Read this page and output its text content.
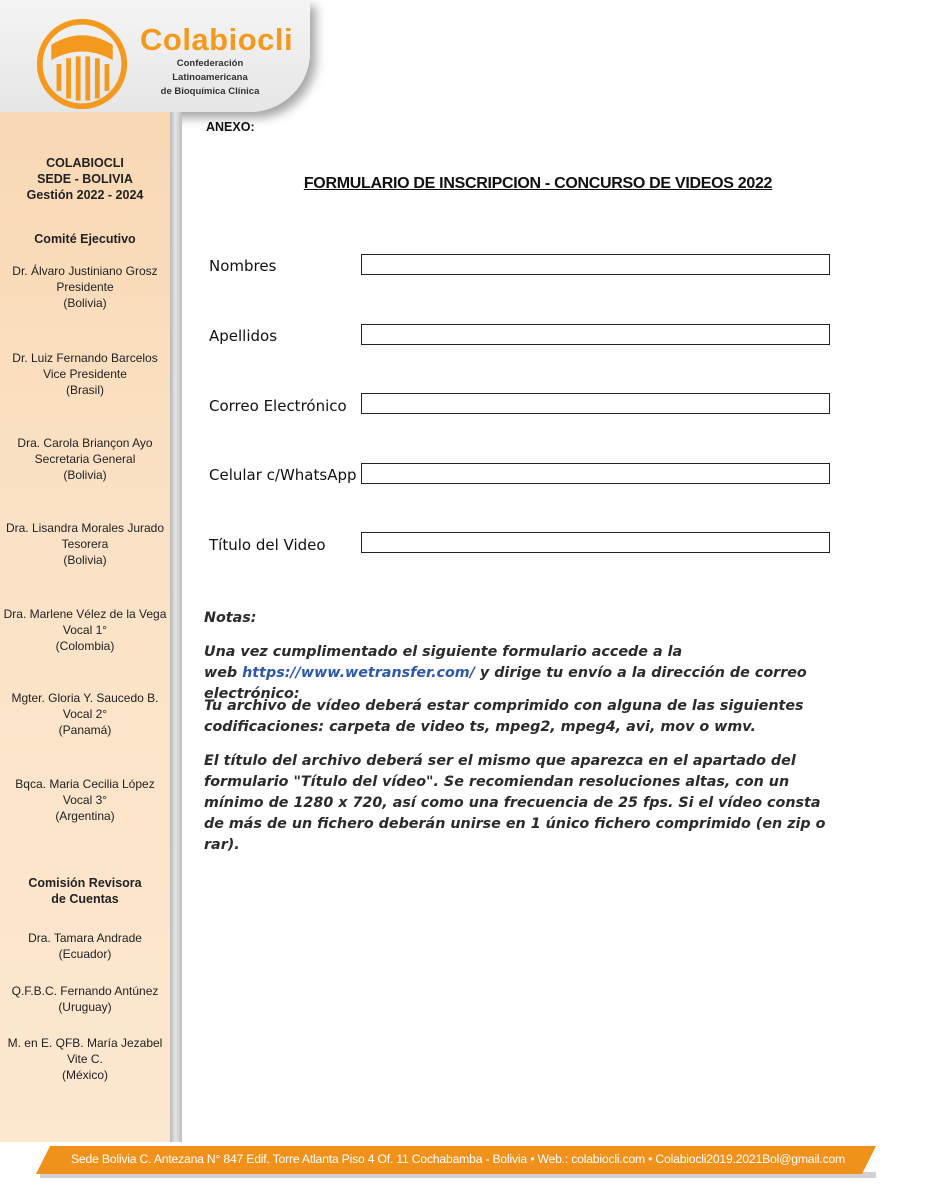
Colabiocli
Confederación Latinoamericana
de Bioquímica Clínica
COLABIOCLI
SEDE - BOLIVIA
Gestión 2022 - 2024
Comité Ejecutivo
Dr. Álvaro Justiniano Grosz
Presidente
(Bolivia)
Dr. Luiz Fernando Barcelos
Vice Presidente
(Brasil)
Dra. Carola Briançon Ayo
Secretaria General
(Bolivia)
Dra. Lisandra Morales Jurado
Tesorera
(Bolivia)
Dra. Marlene Vélez de la Vega
Vocal 1°
(Colombia)
Mgter. Gloria Y. Saucedo B.
Vocal 2°
(Panamá)
Bqca. Maria Cecilia López
Vocal 3°
(Argentina)
Comisión Revisora
de Cuentas
Dra. Tamara Andrade
(Ecuador)
Q.F.B.C. Fernando Antúnez
(Uruguay)
M. en E. QFB. María Jezabel
Vite C.
(México)
ANEXO:
FORMULARIO DE INSCRIPCION - CONCURSO DE VIDEOS 2022
Nombres
Apellidos
Correo Electrónico
Celular c/WhatsApp
Título del Video
Notas:

Una vez cumplimentado el siguiente formulario accede a la

web https://www.wetransfer.com/ y dirige tu envío a la dirección de correo electrónico:

Tu archivo de vídeo deberá estar comprimido con alguna de las siguientes codificaciones: carpeta de video ts, mpeg2, mpeg4, avi, mov o wmv.

El título del archivo deberá ser el mismo que aparezca en el apartado del formulario "Título del vídeo". Se recomiendan resoluciones altas, con un mínimo de 1280 x 720, así como una frecuencia de 25 fps. Si el vídeo consta de más de un fichero deberán unirse en 1 único fichero comprimido (en zip o rar).

Sede Bolivia C. Antezana N° 847 Edif. Torre Atlanta Piso 4 Of. 11 Cochabamba - Bolivia • Web.: colabiocli.com • Colabiocli2019.2021Bol@gmail.com
